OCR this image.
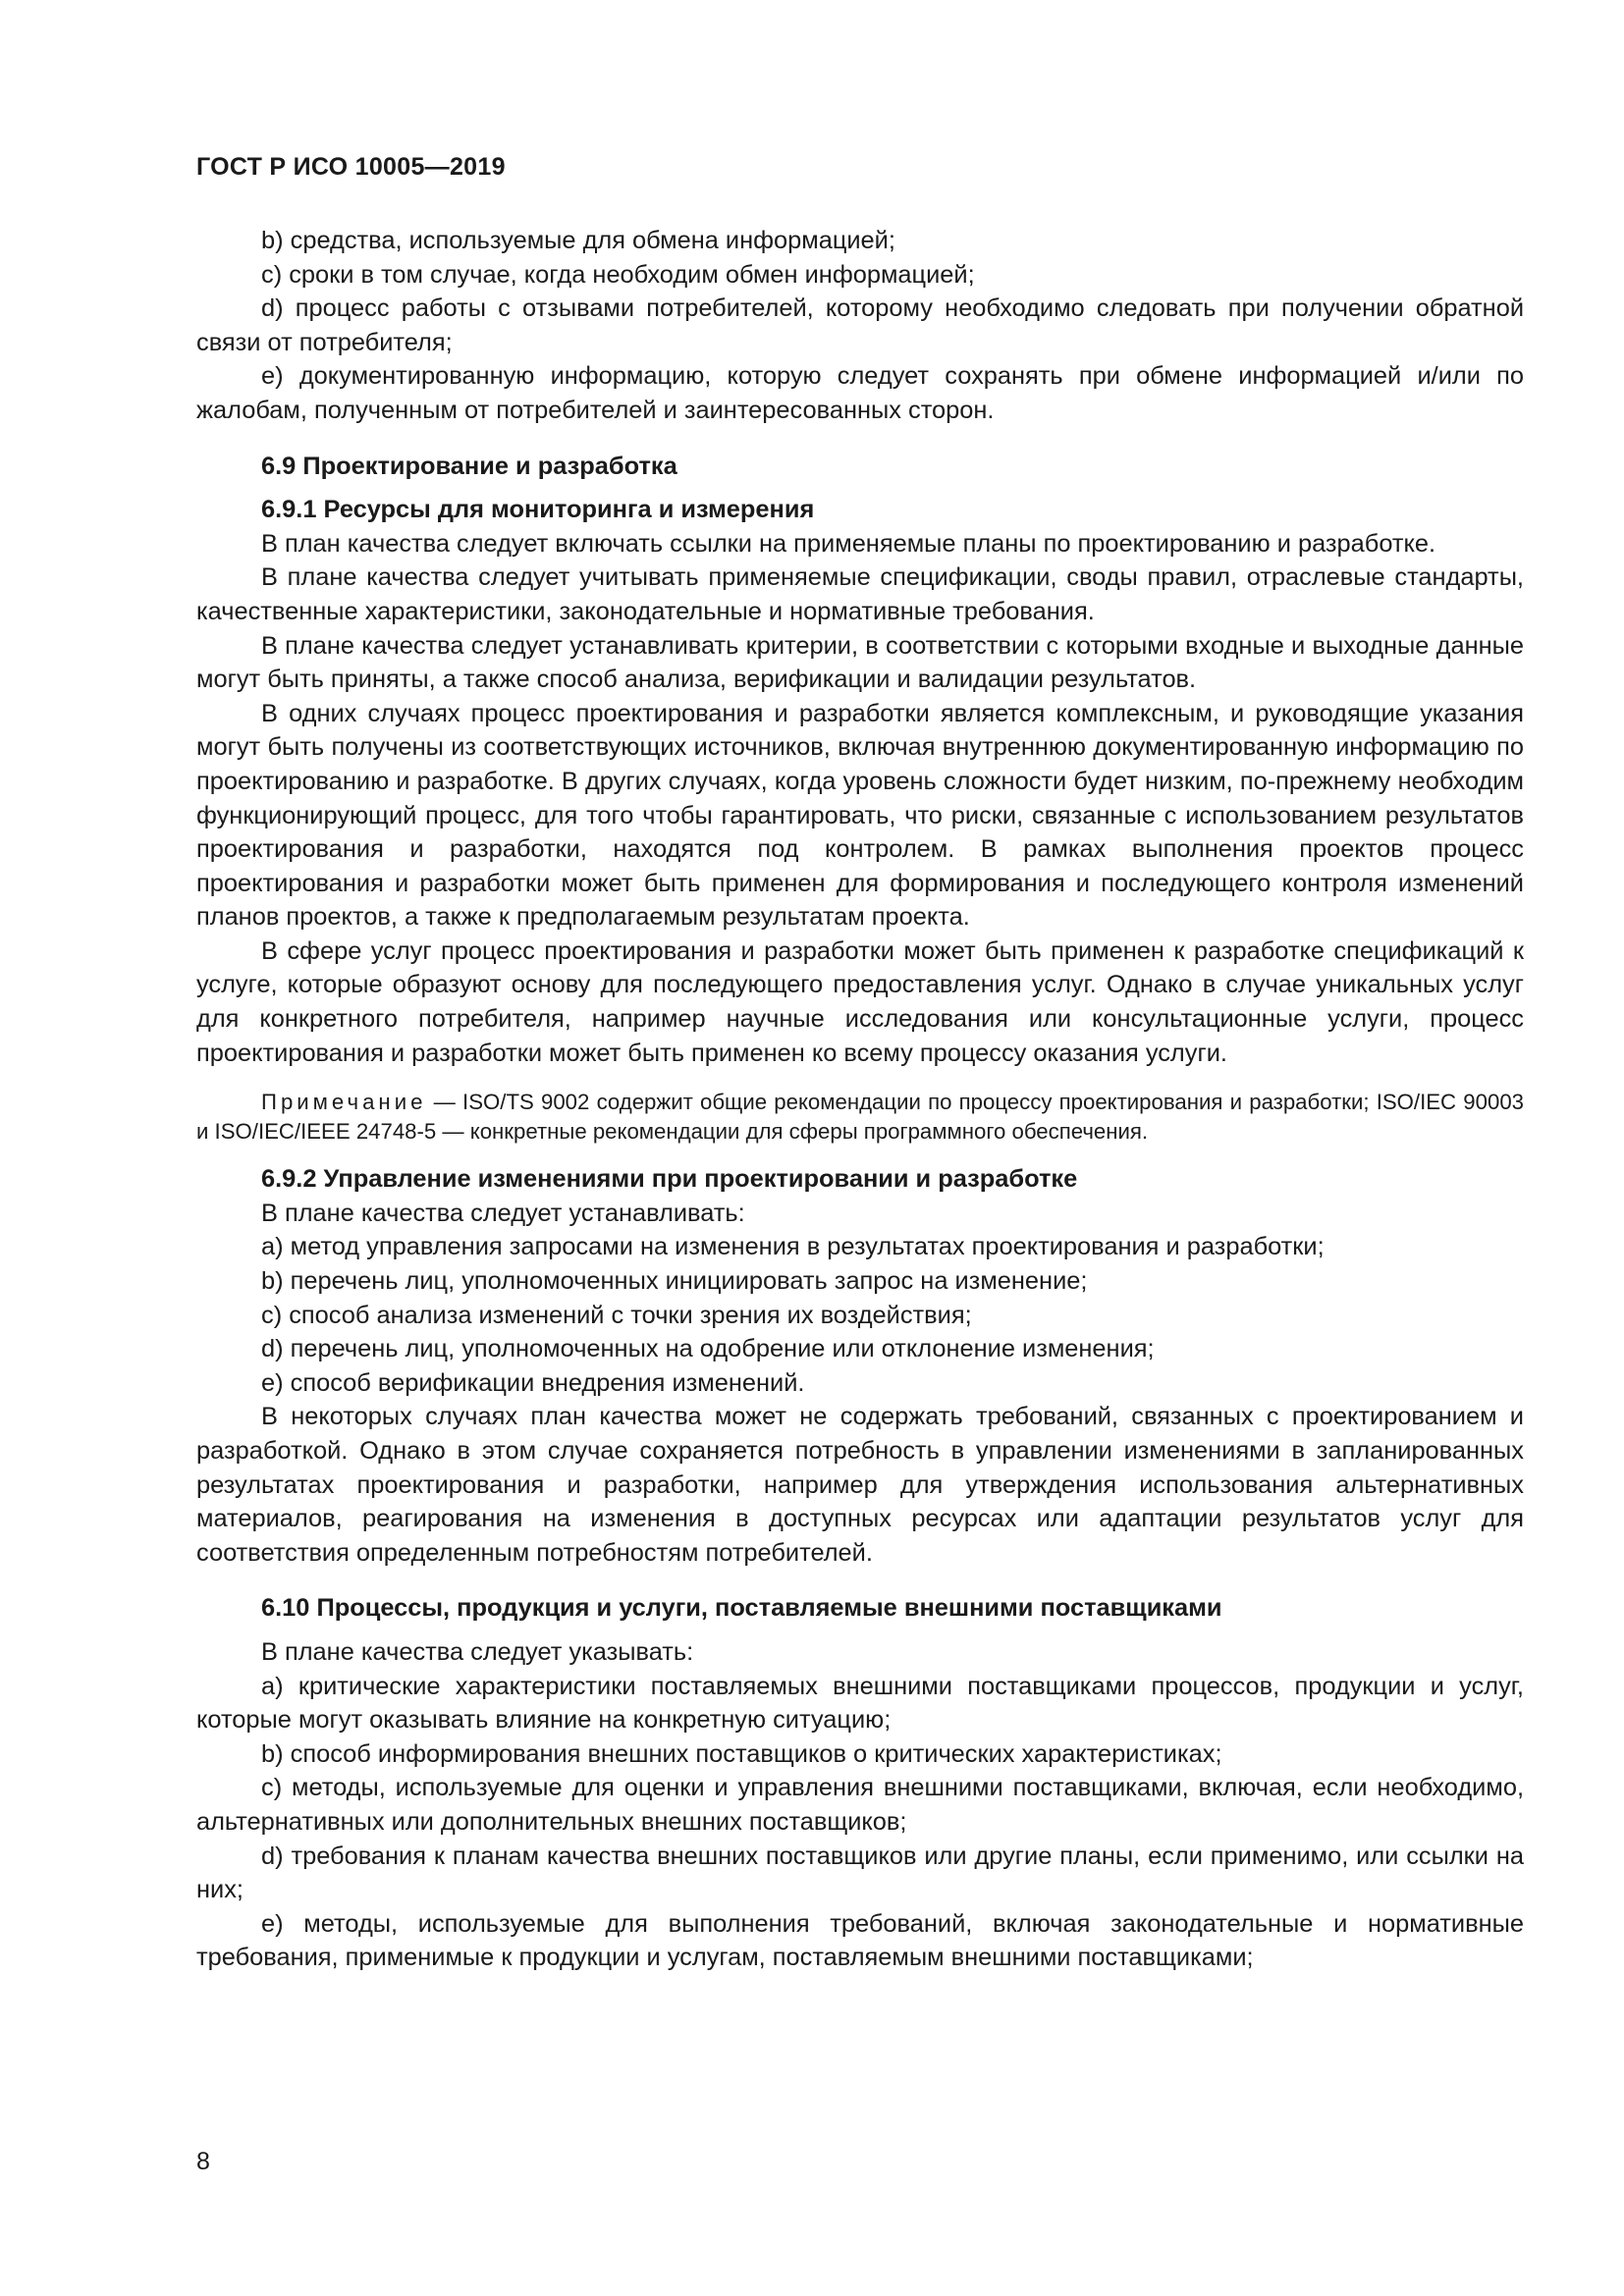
ГОСТ Р ИСО 10005—2019

b) средства, используемые для обмена информацией;

c) сроки в том случае, когда необходим обмен информацией;

d) процесс работы с отзывами потребителей, которому необходимо следовать при получении обратной связи от потребителя;

e) документированную информацию, которую следует сохранять при обмене информацией и/или по жалобам, полученным от потребителей и заинтересованных сторон.

6.9 Проектирование и разработка
6.9.1 Ресурсы для мониторинга и измерения

В план качества следует включать ссылки на применяемые планы по проектированию и разработке.

В плане качества следует учитывать применяемые спецификации, своды правил, отраслевые стандарты, качественные характеристики, законодательные и нормативные требования.

В плане качества следует устанавливать критерии, в соответствии с которыми входные и выходные данные могут быть приняты, а также способ анализа, верификации и валидации результатов.

В одних случаях процесс проектирования и разработки является комплексным, и руководящие указания могут быть получены из соответствующих источников, включая внутреннюю документированную информацию по проектированию и разработке. В других случаях, когда уровень сложности будет низким, по-прежнему необходим функционирующий процесс, для того чтобы гарантировать, что риски, связанные с использованием результатов проектирования и разработки, находятся под контролем. В рамках выполнения проектов процесс проектирования и разработки может быть применен для формирования и последующего контроля изменений планов проектов, а также к предполагаемым результатам проекта.

В сфере услуг процесс проектирования и разработки может быть применен к разработке спецификаций к услуге, которые образуют основу для последующего предоставления услуг. Однако в случае уникальных услуг для конкретного потребителя, например научные исследования или консультационные услуги, процесс проектирования и разработки может быть применен ко всему процессу оказания услуги.

Примечание — ISO/TS 9002 содержит общие рекомендации по процессу проектирования и разработки; ISO/IEC 90003 и ISO/IEC/IEEE 24748-5 — конкретные рекомендации для сферы программного обеспечения.

6.9.2 Управление изменениями при проектировании и разработке

В плане качества следует устанавливать:

a) метод управления запросами на изменения в результатах проектирования и разработки;

b) перечень лиц, уполномоченных инициировать запрос на изменение;

c) способ анализа изменений с точки зрения их воздействия;

d) перечень лиц, уполномоченных на одобрение или отклонение изменения;

e) способ верификации внедрения изменений.

В некоторых случаях план качества может не содержать требований, связанных с проектированием и разработкой. Однако в этом случае сохраняется потребность в управлении изменениями в запланированных результатах проектирования и разработки, например для утверждения использования альтернативных материалов, реагирования на изменения в доступных ресурсах или адаптации результатов услуг для соответствия определенным потребностям потребителей.

6.10 Процессы, продукция и услуги, поставляемые внешними поставщиками

В плане качества следует указывать:

a) критические характеристики поставляемых внешними поставщиками процессов, продукции и услуг, которые могут оказывать влияние на конкретную ситуацию;

b) способ информирования внешних поставщиков о критических характеристиках;

c) методы, используемые для оценки и управления внешними поставщиками, включая, если необходимо, альтернативных или дополнительных внешних поставщиков;

d) требования к планам качества внешних поставщиков или другие планы, если применимо, или ссылки на них;

e) методы, используемые для выполнения требований, включая законодательные и нормативные требования, применимые к продукции и услугам, поставляемым внешними поставщиками;

8
